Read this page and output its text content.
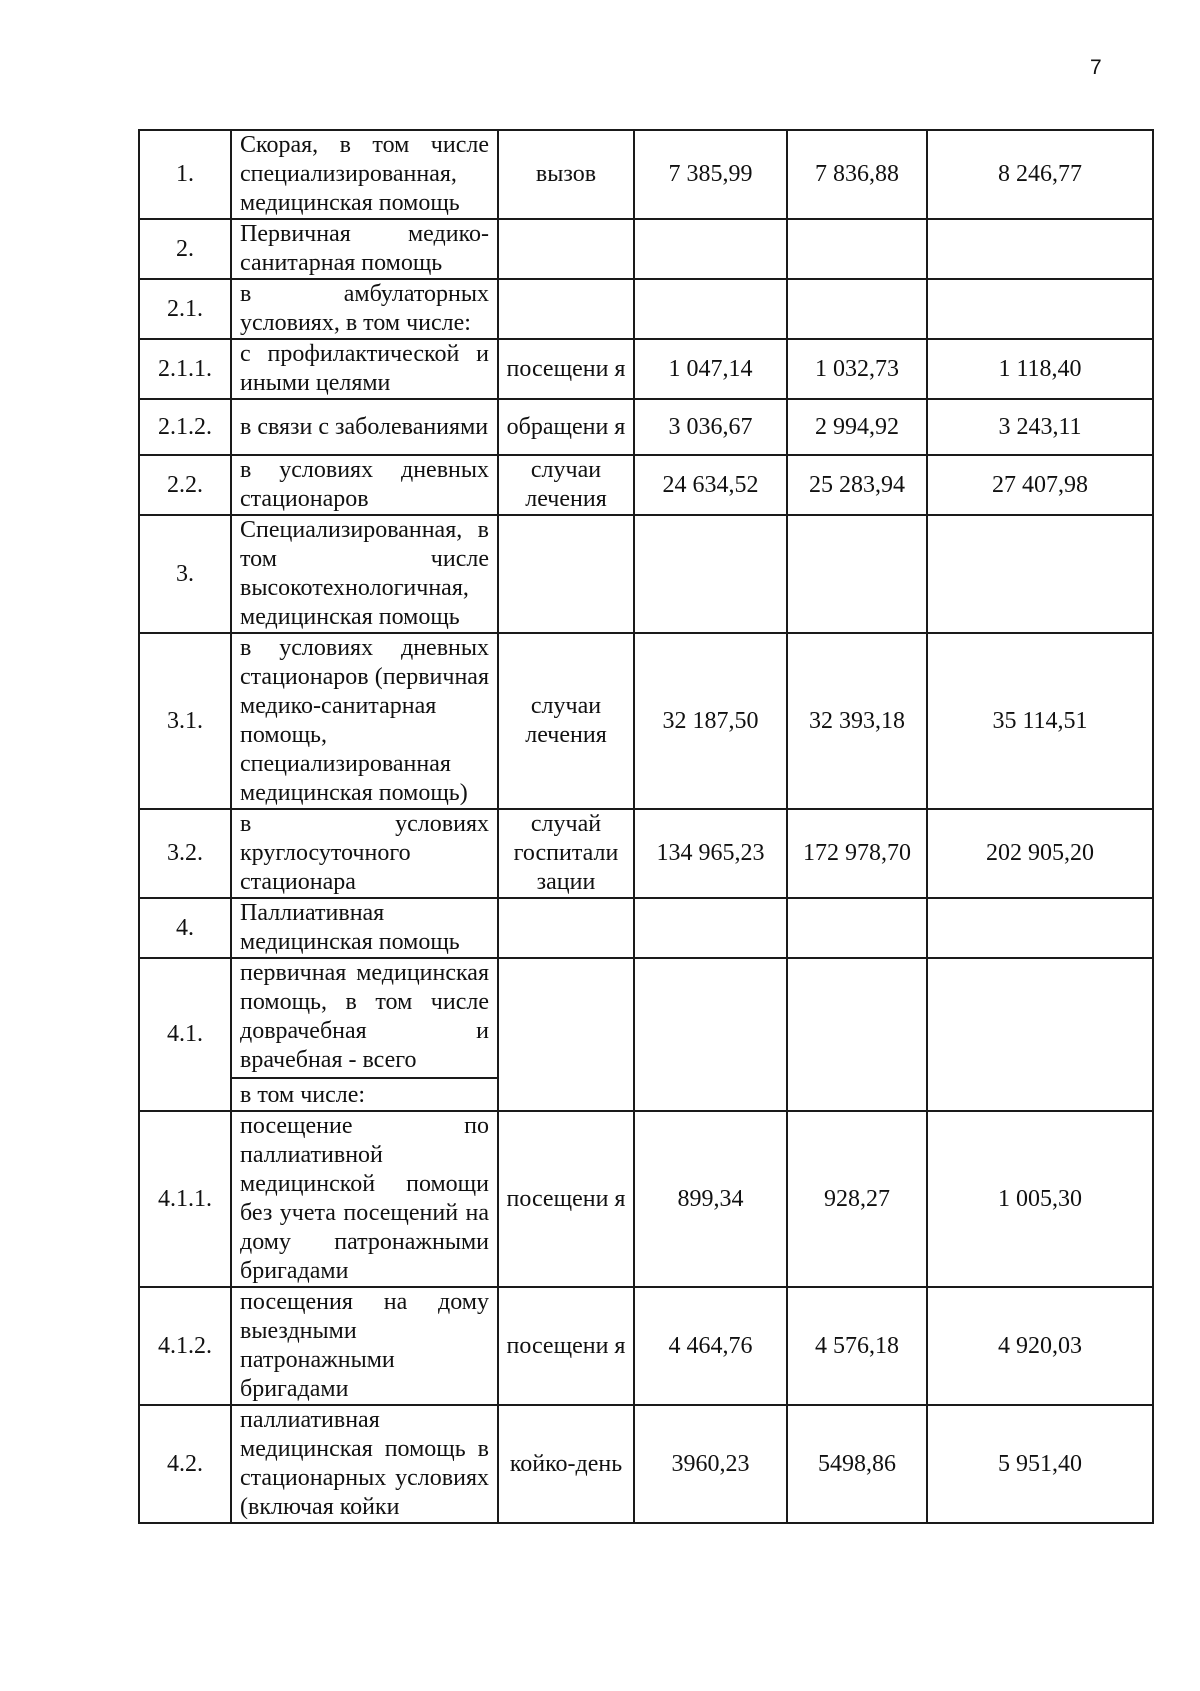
7
1.	Скорая, в том числе специализированная, медицинская помощь	вызов	7 385,99	7 836,88	8 246,77
2.	Первичная медико-санитарная помощь				
2.1.	в амбулаторных условиях, в том числе:				
2.1.1.	с профилактической и иными целями	посещени я	1 047,14	1 032,73	1 118,40
2.1.2.	в связи с заболеваниями	обращени я	3 036,67	2 994,92	3 243,11
2.2.	в условиях дневных стационаров	случаи лечения	24 634,52	25 283,94	27 407,98
3.	Специализированная, в том числе высокотехнологичная, медицинская помощь				
3.1.	в условиях дневных стационаров (первичная медико-санитарная помощь, специализированная медицинская помощь)	случаи лечения	32 187,50	32 393,18	35 114,51
3.2.	в условиях круглосуточного стационара	случай госпитали зации	134 965,23	172 978,70	202 905,20
4.	Паллиативная медицинская помощь				
4.1.	первичная медицинская помощь, в том числе доврачебная и врачебная - всего
в том числе:				

4.1.1.	посещение по паллиативной медицинской помощи без учета посещений на дому патронажными бригадами	посещени я	899,34	928,27	1 005,30
4.1.2.	посещения на дому выездными патронажными бригадами	посещени я	4 464,76	4 576,18	4 920,03
4.2.	паллиативная медицинская помощь в стационарных условиях (включая койки	койко-день	3960,23	5498,86	5 951,40
